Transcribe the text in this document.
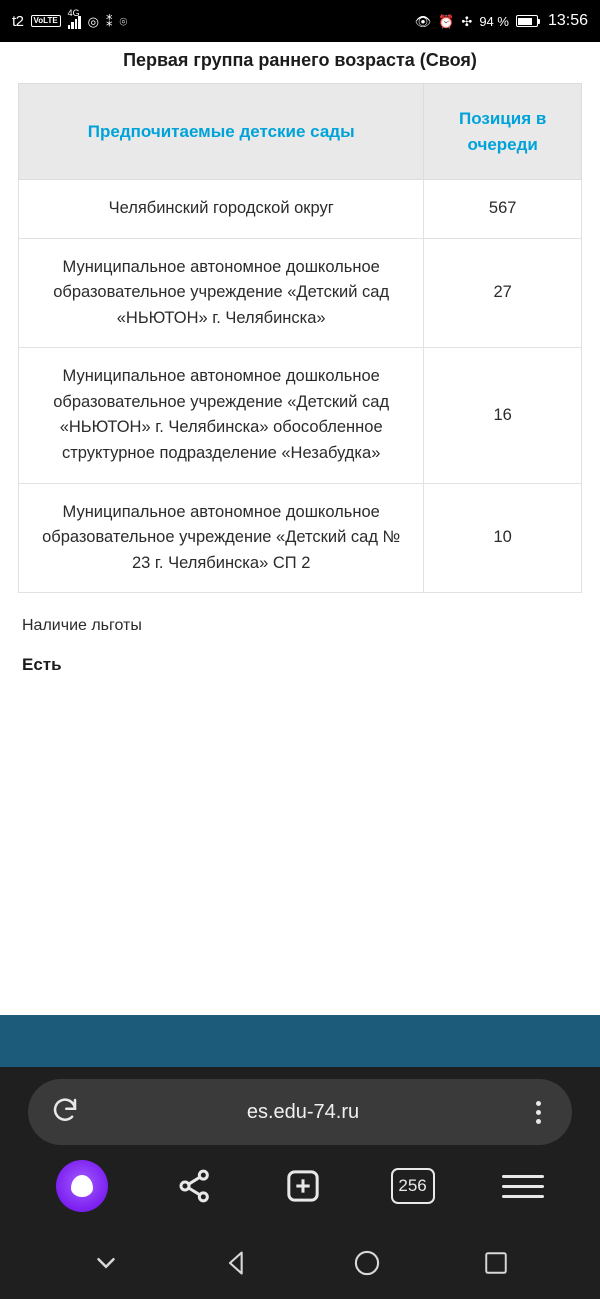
t2	VoLTE
4G
◎ ⁑ ⌾	👁 ⏰ ✣ 94 % 13:56
Первая группа раннего возраста (Своя)
Предпочитаемые детские сады	Позиция в очереди
Челябинский городской округ	567
Муниципальное автономное дошкольное образовательное учреждение «Детский сад «НЬЮТОН» г. Челябинска»	27
Муниципальное автономное дошкольное образовательное учреждение «Детский сад «НЬЮТОН» г. Челябинска» обособленное структурное подразделение «Незабудка»	16
Муниципальное автономное дошкольное образовательное учреждение «Детский сад № 23 г. Челябинска» СП 2	10
Наличие льготы
Есть
es.edu-74.ru
256
